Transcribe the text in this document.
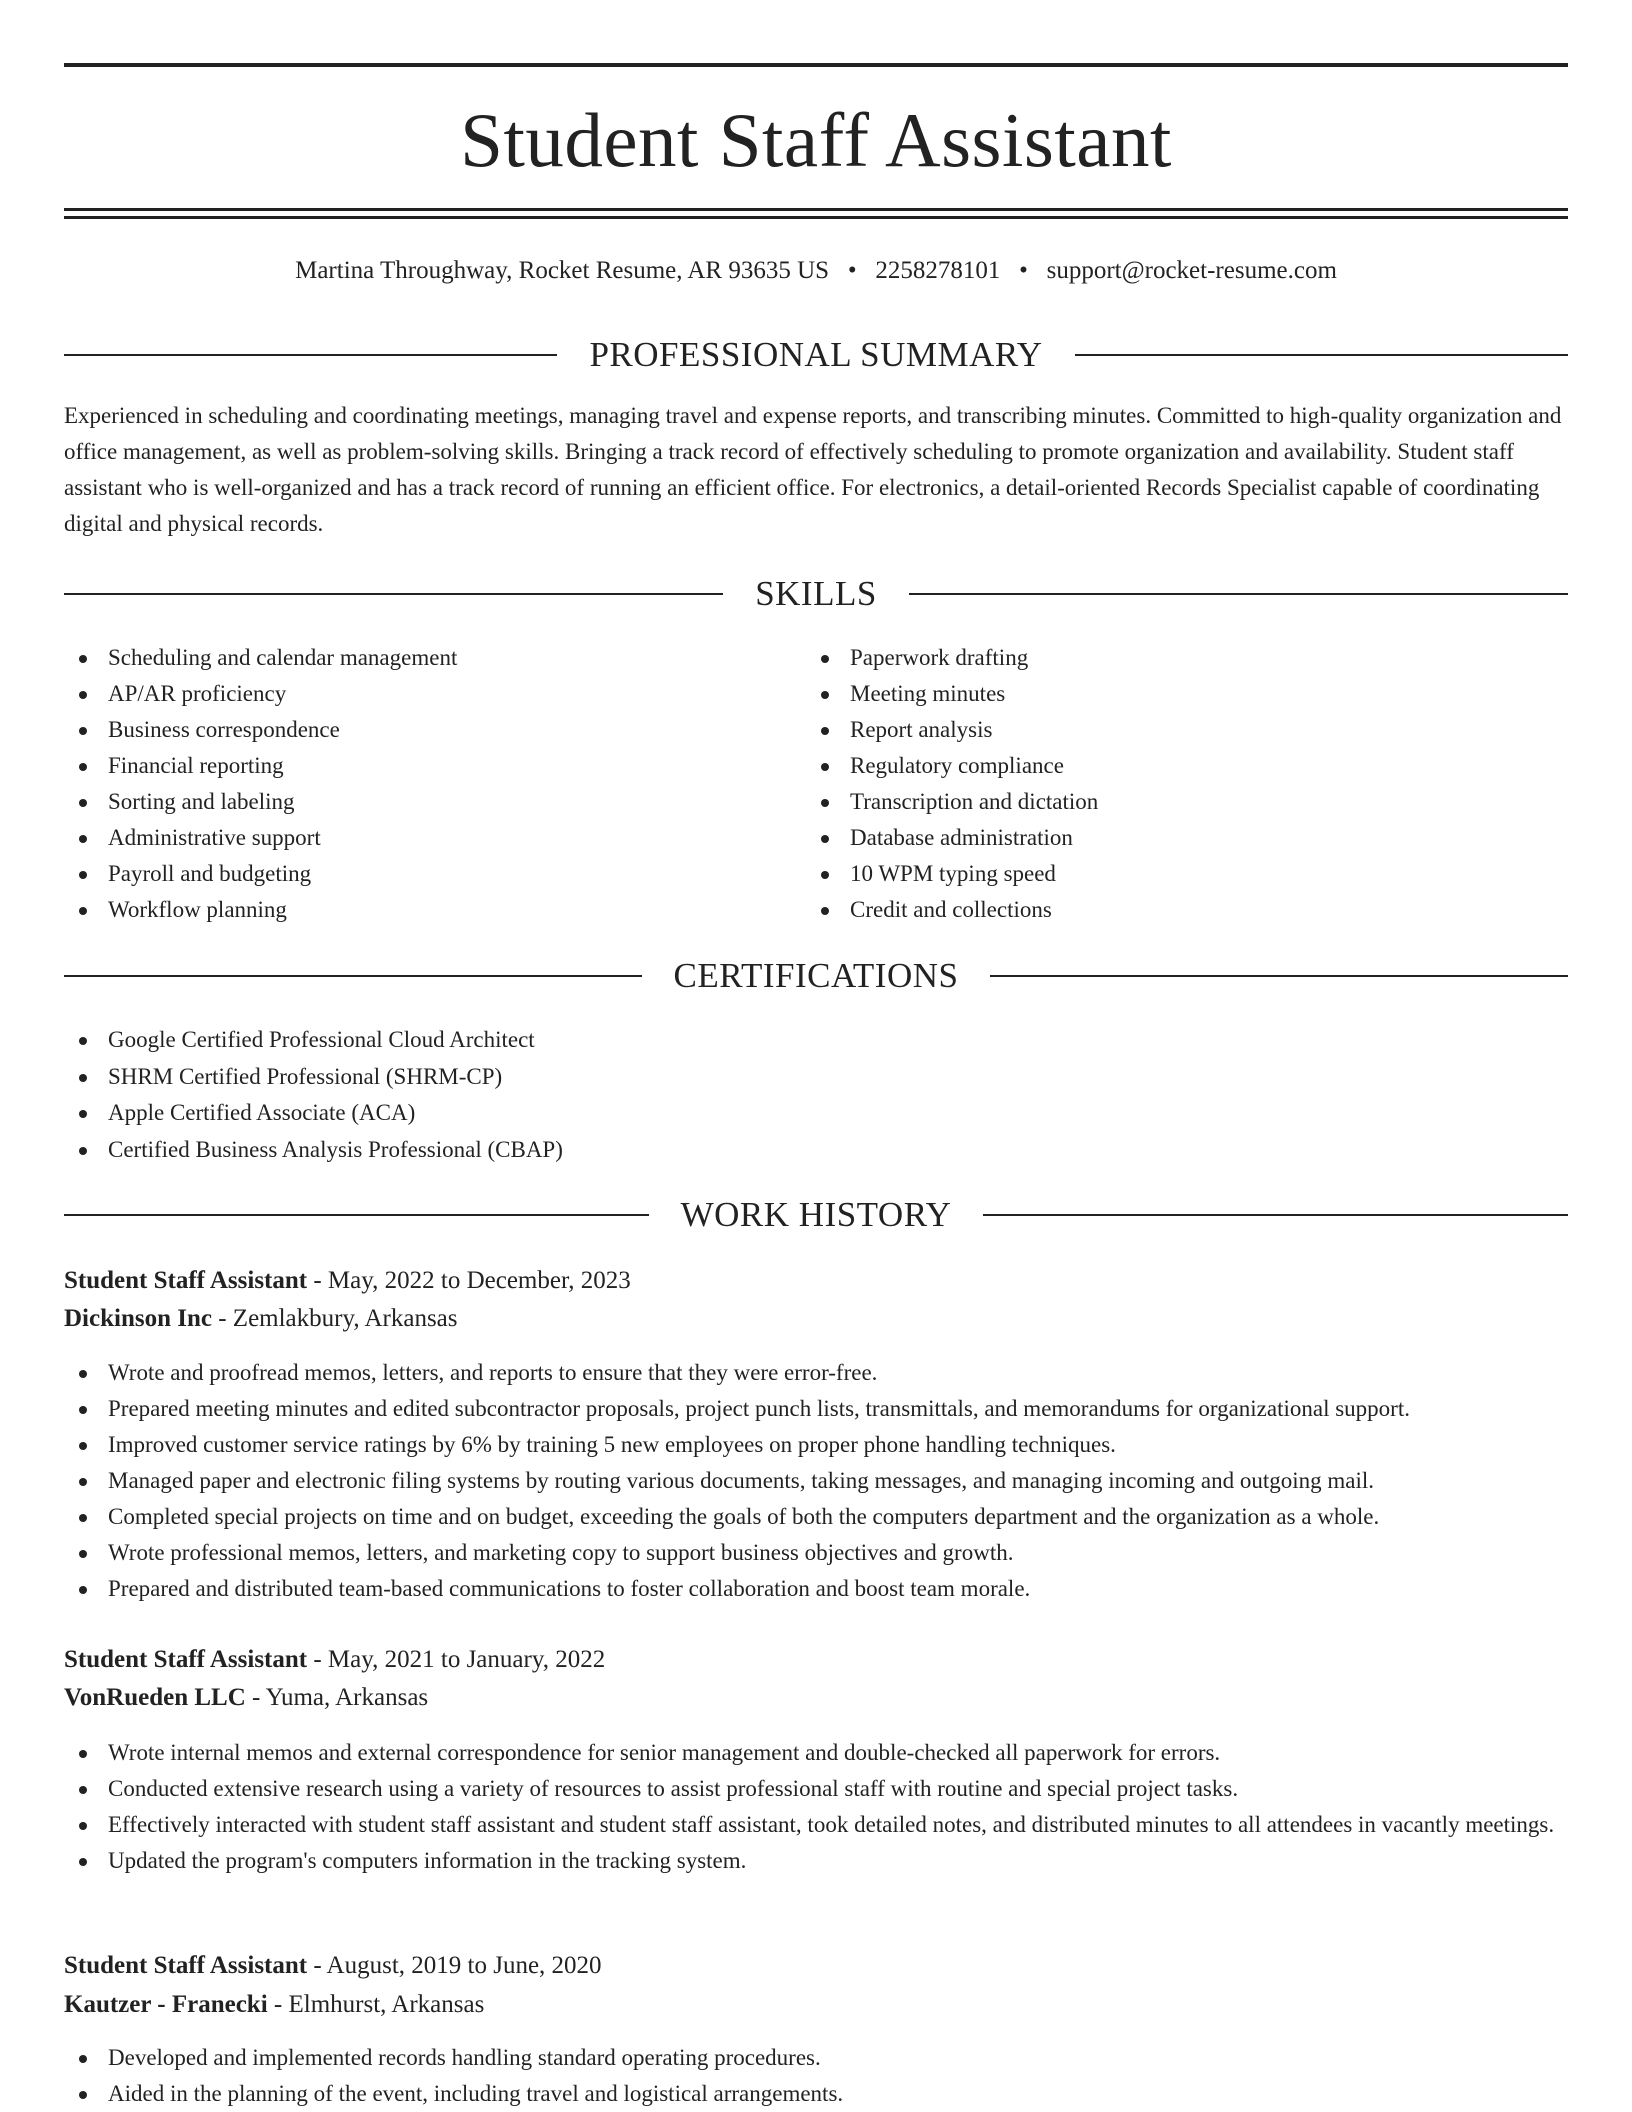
Student Staff Assistant
Martina Throughway, Rocket Resume, AR 93635 US • 2258278101 • support@rocket-resume.com
PROFESSIONAL SUMMARY

Experienced in scheduling and coordinating meetings, managing travel and expense reports, and transcribing minutes. Committed to high-quality organization and office management, as well as problem-solving skills. Bringing a track record of effectively scheduling to promote organization and availability. Student staff assistant who is well-organized and has a track record of running an efficient office. For electronics, a detail-oriented Records Specialist capable of coordinating digital and physical records.

SKILLS
Scheduling and calendar management
AP/AR proficiency
Business correspondence
Financial reporting
Sorting and labeling
Administrative support
Payroll and budgeting
Workflow planning
Paperwork drafting
Meeting minutes
Report analysis
Regulatory compliance
Transcription and dictation
Database administration
10 WPM typing speed
Credit and collections
CERTIFICATIONS
Google Certified Professional Cloud Architect
SHRM Certified Professional (SHRM-CP)
Apple Certified Associate (ACA)
Certified Business Analysis Professional (CBAP)
WORK HISTORY
Student Staff Assistant - May, 2022 to December, 2023
Dickinson Inc - Zemlakbury, Arkansas
Wrote and proofread memos, letters, and reports to ensure that they were error-free.
Prepared meeting minutes and edited subcontractor proposals, project punch lists, transmittals, and memorandums for organizational support.
Improved customer service ratings by 6% by training 5 new employees on proper phone handling techniques.
Managed paper and electronic filing systems by routing various documents, taking messages, and managing incoming and outgoing mail.
Completed special projects on time and on budget, exceeding the goals of both the computers department and the organization as a whole.
Wrote professional memos, letters, and marketing copy to support business objectives and growth.
Prepared and distributed team-based communications to foster collaboration and boost team morale.
Student Staff Assistant - May, 2021 to January, 2022
VonRueden LLC - Yuma, Arkansas
Wrote internal memos and external correspondence for senior management and double-checked all paperwork for errors.
Conducted extensive research using a variety of resources to assist professional staff with routine and special project tasks.
Effectively interacted with student staff assistant and student staff assistant, took detailed notes, and distributed minutes to all attendees in vacantly meetings.
Updated the program's computers information in the tracking system.
Student Staff Assistant - August, 2019 to June, 2020
Kautzer - Franecki - Elmhurst, Arkansas
Developed and implemented records handling standard operating procedures.
Aided in the planning of the event, including travel and logistical arrangements.
